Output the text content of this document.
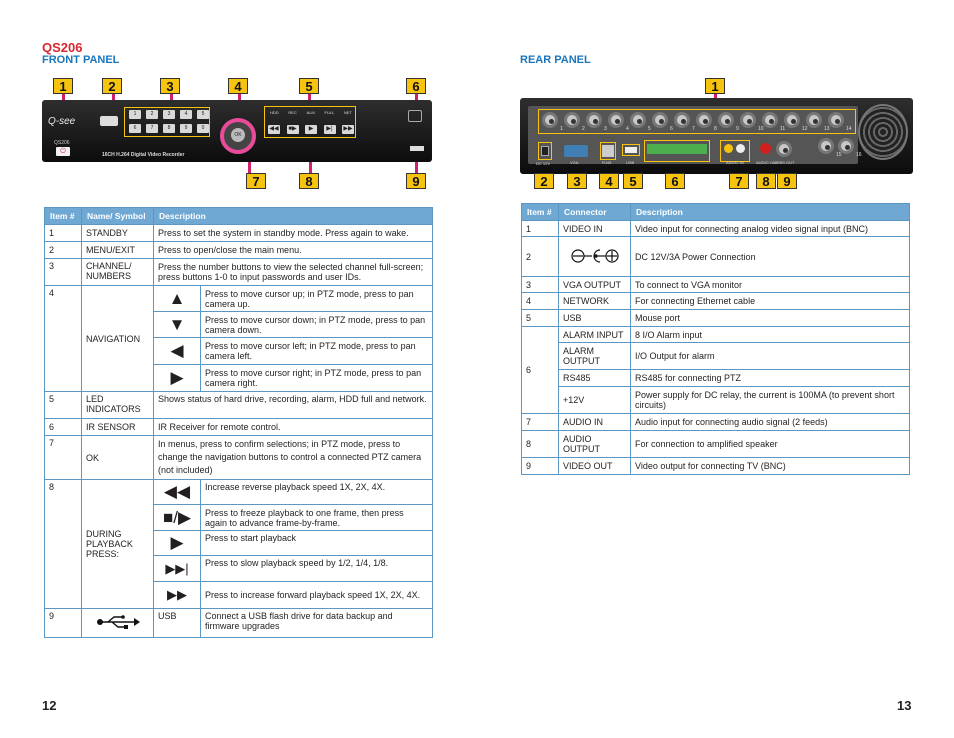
QS206
FRONT PANEL
Q-see
QS206
⏻
1	2	3	4	5
6	7	8	9	0
16CH H.264 Digital Video Recorder
OK
HDD REC ALM FULL NET
◀◀	■▶	▶	▶|	▶▶
1	2	3	4	5	6
7	8	9
Item #	Name/ Symbol	Description	
1	STANDBY	Press to set the system in standby mode. Press again to wake.	
2	MENU/EXIT	Press to open/close the main menu.	
3	CHANNEL/ NUMBERS	Press the number buttons to view the selected channel full-screen; press buttons 1-0 to input passwords and user IDs.	
4	NAVIGATION	▲	Press to move cursor up; in PTZ mode, press to pan camera up.
		▼	Press to move cursor down; in PTZ mode, press to pan camera down.
		◀	Press to move cursor left; in PTZ mode, press to pan camera left.
		▶	Press to move cursor right; in PTZ mode, press to pan camera right.
5	LED INDICATORS	Shows status of hard drive, recording, alarm, HDD full and network.	
6	IR SENSOR	IR Receiver for remote control.	
7	OK	In menus, press to confirm selections; in PTZ mode, press to change the navigation buttons to control a connected PTZ camera (not included)	
8	DURING PLAYBACK PRESS:	◀◀	Increase reverse playback speed 1X, 2X, 4X.
		■/▶	Press to freeze playback to one frame, then press again to advance frame-by-frame.
		▶	Press to start playback
		▶▶|	Press to slow playback speed by 1/2, 1/4, 1/8.
		▶▶	Press to increase forward playback speed 1X, 2X, 4X.
9		USB	Connect a USB flash drive for data backup and firmware upgrades
12
REAR PANEL
1	2	3	4	5	6	7	8	9	10	11	12	13	14
15	16
DC 12V	VGA	RJ45	USB	AUDIO IN	AUDIO OUT
CVBS OUT
1
2	3	4	5	6	7	8	9
Item #	Connector	Description
1	VIDEO IN	Video input for connecting analog video signal input (BNC)
2		DC 12V/3A Power Connection
3	VGA OUTPUT	To connect to VGA monitor
4	NETWORK	For connecting Ethernet cable
5	USB	Mouse port
6	ALARM INPUT	8 I/O Alarm input
	ALARM OUTPUT	I/O Output for alarm
	RS485	RS485 for connecting PTZ
	+12V	Power supply for DC relay, the current is 100MA (to prevent short circuits)
7	AUDIO IN	Audio input for connecting audio signal (2 feeds)
8	AUDIO OUTPUT	For connection to amplified speaker
9	VIDEO OUT	Video output for connecting TV (BNC)
13
